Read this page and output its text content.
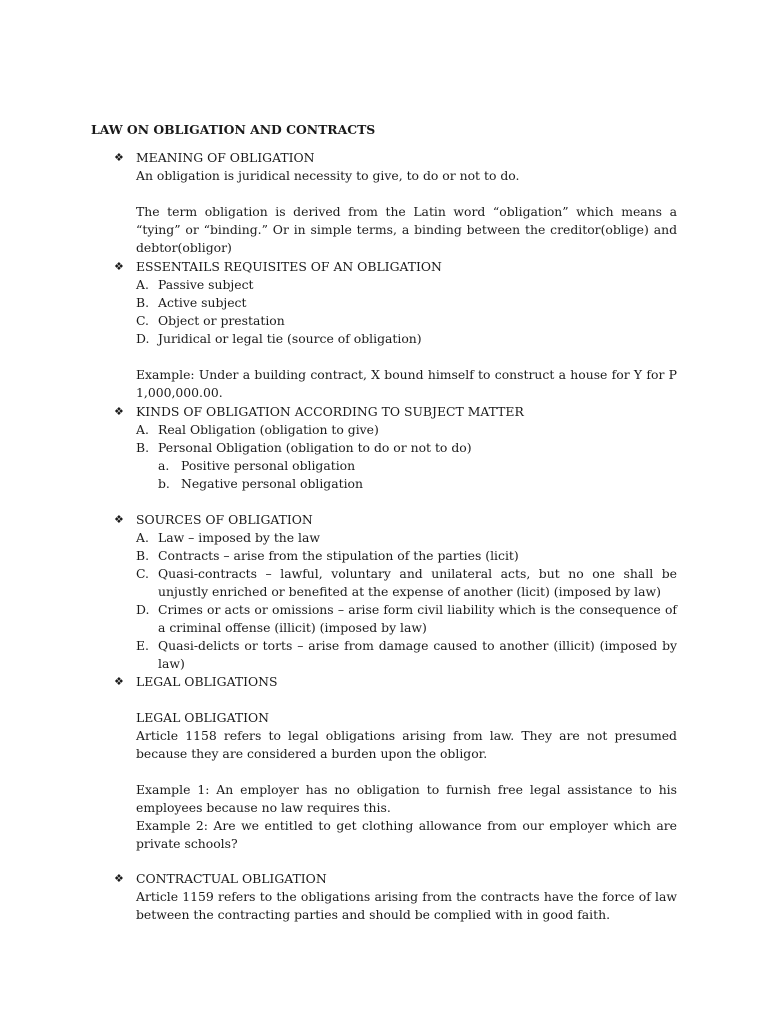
LAW ON OBLIGATION AND CONTRACTS
❖ MEANING OF OBLIGATION

An obligation is juridical necessity to give, to do or not to do.

The term obligation is derived from the Latin word “obligation” which means a “tying” or “binding.” Or in simple terms, a binding between the creditor(oblige) and debtor(obligor)

❖ ESSENTAILS REQUISITES OF AN OBLIGATION
A. Passive subject
B. Active subject
C. Object or prestation
D. Juridical or legal tie (source of obligation)

Example: Under a building contract, X bound himself to construct a house for Y for P 1,000,000.00.

❖ KINDS OF OBLIGATION ACCORDING TO SUBJECT MATTER
A. Real Obligation (obligation to give)
B. Personal Obligation (obligation to do or not to do)
a. Positive personal obligation
b. Negative personal obligation
❖ SOURCES OF OBLIGATION
A. Law – imposed by the law
B. Contracts – arise from the stipulation of the parties (licit)
C. Quasi-contracts – lawful, voluntary and unilateral acts, but no one shall be unjustly enriched or benefited at the expense of another (licit) (imposed by law)
D. Crimes or acts or omissions – arise form civil liability which is the consequence of a criminal offense (illicit) (imposed by law)
E. Quasi-delicts or torts – arise from damage caused to another (illicit) (imposed by law)
❖ LEGAL OBLIGATIONS

LEGAL OBLIGATION

Article 1158 refers to legal obligations arising from law. They are not presumed because they are considered a burden upon the obligor.

Example 1: An employer has no obligation to furnish free legal assistance to his employees because no law requires this.

Example 2: Are we entitled to get clothing allowance from our employer which are private schools?

❖ CONTRACTUAL OBLIGATION

Article 1159 refers to the obligations arising from the contracts have the force of law between the contracting parties and should be complied with in good faith.
